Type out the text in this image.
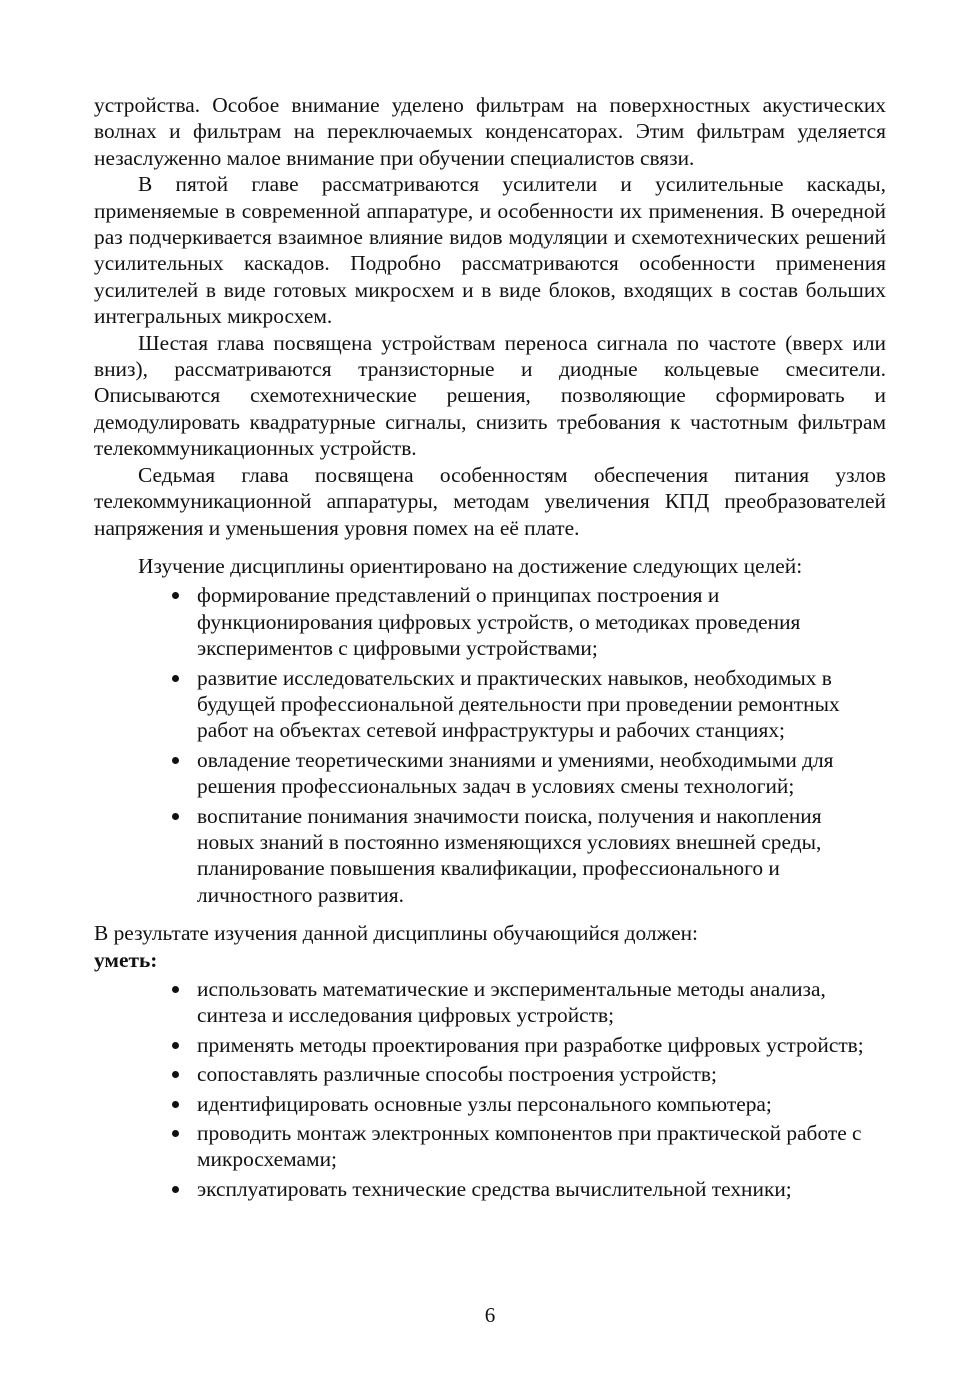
устройства. Особое внимание уделено фильтрам на поверхностных акустических волнах и фильтрам на переключаемых конденсаторах. Этим фильтрам уделяется незаслуженно малое внимание при обучении специалистов связи.

В пятой главе рассматриваются усилители и усилительные каскады, применяемые в современной аппаратуре, и особенности их применения. В очередной раз подчеркивается взаимное влияние видов модуляции и схемотехнических решений усилительных каскадов. Подробно рассматриваются особенности применения усилителей в виде готовых микросхем и в виде блоков, входящих в состав больших интегральных микросхем.

Шестая глава посвящена устройствам переноса сигнала по частоте (вверх или вниз), рассматриваются транзисторные и диодные кольцевые смесители. Описываются схемотехнические решения, позволяющие сформировать и демодулировать квадратурные сигналы, снизить требования к частотным фильтрам телекоммуникационных устройств.

Седьмая глава посвящена особенностям обеспечения питания узлов телекоммуникационной аппаратуры, методам увеличения КПД преобразователей напряжения и уменьшения уровня помех на её плате.

Изучение дисциплины ориентировано на достижение следующих целей:

формирование представлений о принципах построения и функционирования цифровых устройств, о методиках проведения экспериментов с цифровыми устройствами;
развитие исследовательских и практических навыков, необходимых в будущей профессиональной деятельности при проведении ремонтных работ на объектах сетевой инфраструктуры и рабочих станциях;
овладение теоретическими знаниями и умениями, необходимыми для решения профессиональных задач в условиях смены технологий;
воспитание понимания значимости поиска, получения и накопления новых знаний в постоянно изменяющихся условиях внешней среды, планирование повышения квалификации, профессионального и личностного развития.

В результате изучения данной дисциплины обучающийся должен:

уметь:

использовать математические и экспериментальные методы анализа, синтеза и исследования цифровых устройств;
применять методы проектирования при разработке цифровых устройств;
сопоставлять различные способы построения устройств;
идентифицировать основные узлы персонального компьютера;
проводить монтаж электронных компонентов при практической работе с микросхемами;
эксплуатировать технические средства вычислительной техники;
6
